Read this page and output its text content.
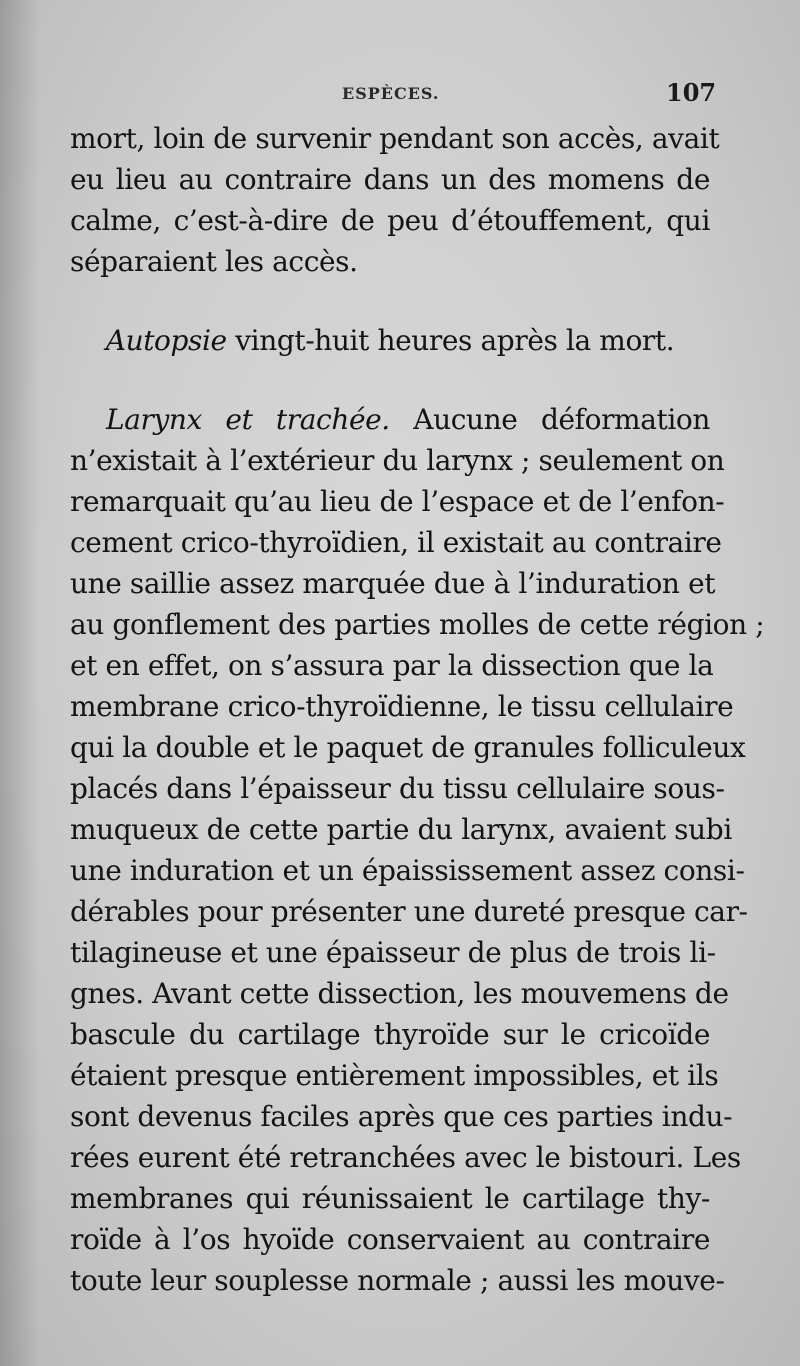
ESPÈCES.	107
mort, loin de survenir pendant son accès, avait
eu lieu au contraire dans un des momens de
calme, c’est-à-dire de peu d’étouffement, qui
séparaient les accès.
Autopsie vingt-huit heures après la mort.
Larynx et trachée. Aucune déformation
n’existait à l’extérieur du larynx ; seulement on
remarquait qu’au lieu de l’espace et de l’enfon-
cement crico-thyroïdien, il existait au contraire
une saillie assez marquée due à l’induration et
au gonflement des parties molles de cette région ;
et en effet, on s’assura par la dissection que la
membrane crico-thyroïdienne, le tissu cellulaire
qui la double et le paquet de granules folliculeux
placés dans l’épaisseur du tissu cellulaire sous-
muqueux de cette partie du larynx, avaient subi
une induration et un épaississement assez consi-
dérables pour présenter une dureté presque car-
tilagineuse et une épaisseur de plus de trois li-
gnes. Avant cette dissection, les mouvemens de
bascule du cartilage thyroïde sur le cricoïde
étaient presque entièrement impossibles, et ils
sont devenus faciles après que ces parties indu-
rées eurent été retranchées avec le bistouri. Les
membranes qui réunissaient le cartilage thy-
roïde à l’os hyoïde conservaient au contraire
toute leur souplesse normale ; aussi les mouve-
